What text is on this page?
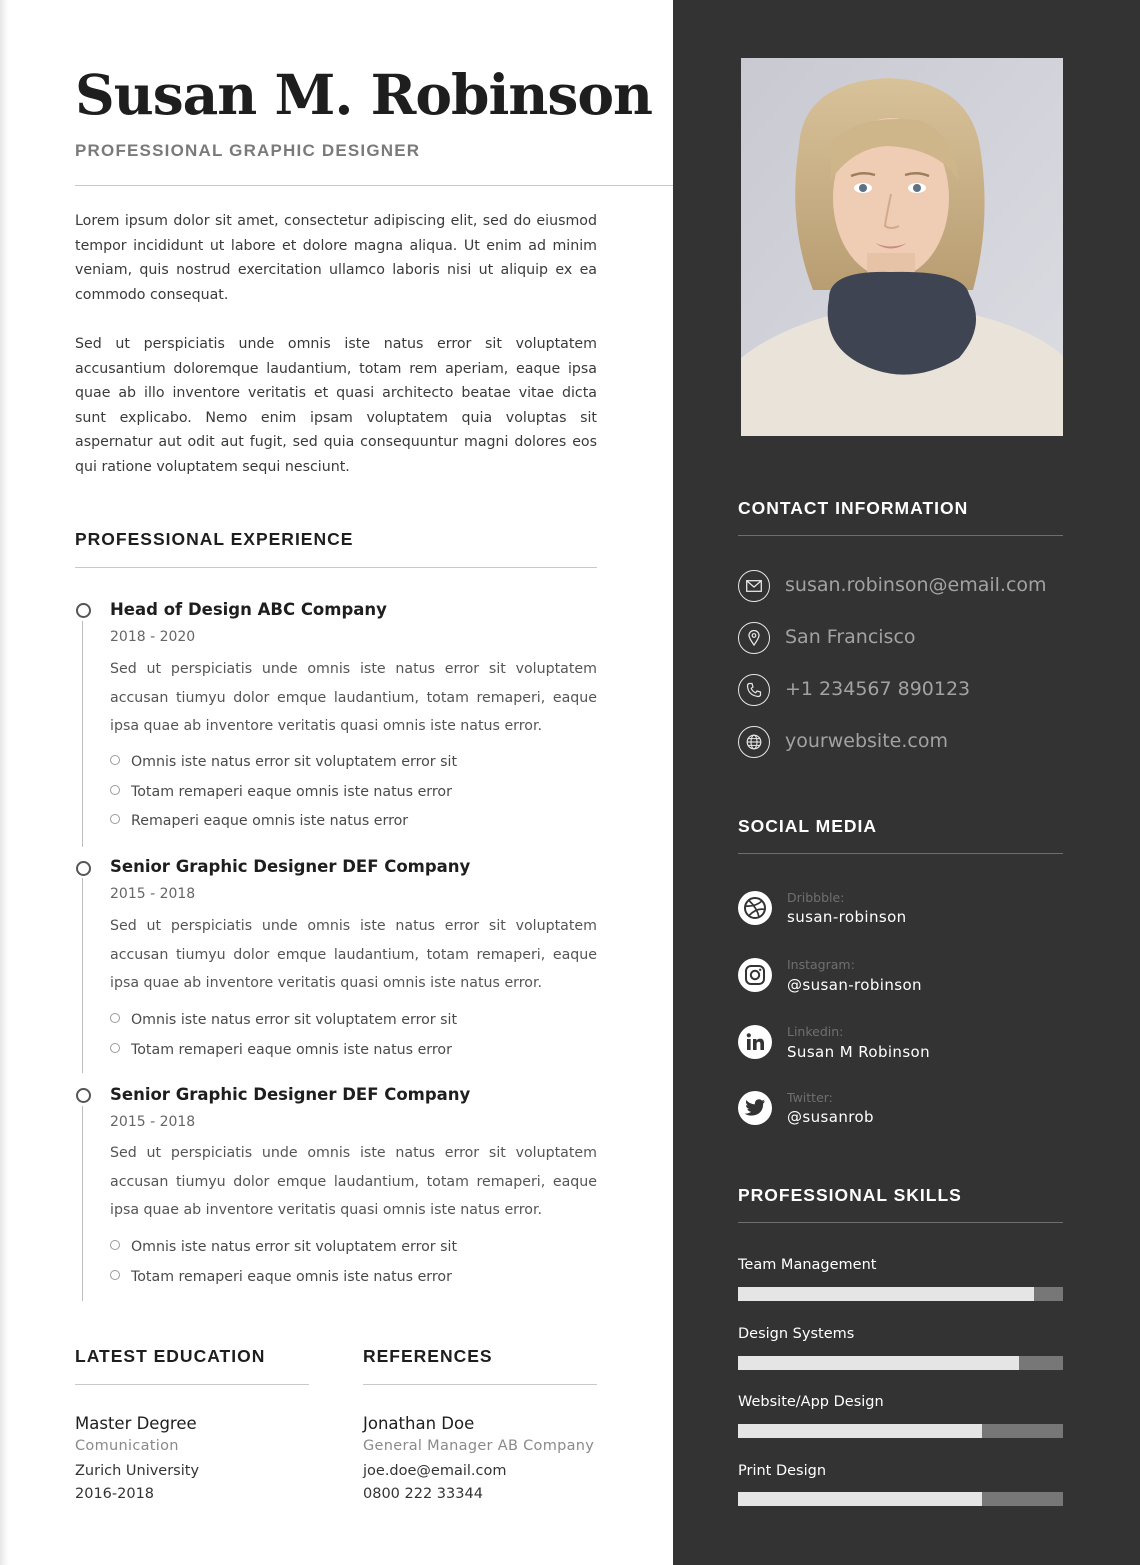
Susan M. Robinson
PROFESSIONAL GRAPHIC DESIGNER

Lorem ipsum dolor sit amet, consectetur adipiscing elit, sed do eiusmod tempor incididunt ut labore et dolore magna aliqua. Ut enim ad minim veniam, quis nostrud exercitation ullamco laboris nisi ut aliquip ex ea commodo consequat.

Sed ut perspiciatis unde omnis iste natus error sit voluptatem accusantium doloremque laudantium, totam rem aperiam, eaque ipsa quae ab illo inventore veritatis et quasi architecto beatae vitae dicta sunt explicabo. Nemo enim ipsam voluptatem quia voluptas sit aspernatur aut odit aut fugit, sed quia consequuntur magni dolores eos qui ratione voluptatem sequi nesciunt.

PROFESSIONAL EXPERIENCE
Head of Design ABC Company
2018 - 2020

Sed ut perspiciatis unde omnis iste natus error sit voluptatem accusan tiumyu dolor emque laudantium, totam remaperi, eaque ipsa quae ab inventore veritatis quasi omnis iste natus error.

Omnis iste natus error sit voluptatem error sit
Totam remaperi eaque omnis iste natus error
Remaperi eaque omnis iste natus error
Senior Graphic Designer DEF Company
2015 - 2018

Sed ut perspiciatis unde omnis iste natus error sit voluptatem accusan tiumyu dolor emque laudantium, totam remaperi, eaque ipsa quae ab inventore veritatis quasi omnis iste natus error.

Omnis iste natus error sit voluptatem error sit
Totam remaperi eaque omnis iste natus error
Senior Graphic Designer DEF Company
2015 - 2018

Sed ut perspiciatis unde omnis iste natus error sit voluptatem accusan tiumyu dolor emque laudantium, totam remaperi, eaque ipsa quae ab inventore veritatis quasi omnis iste natus error.

Omnis iste natus error sit voluptatem error sit
Totam remaperi eaque omnis iste natus error
LATEST EDUCATION
Master Degree
Comunication
Zurich University
2016-2018
REFERENCES
Jonathan Doe
General Manager AB Company
joe.doe@email.com
0800 222 33344
CONTACT INFORMATION
susan.robinson@email.com
San Francisco
+1 234567 890123
yourwebsite.com
SOCIAL MEDIA
Dribbble:
susan-robinson
Instagram:
@susan-robinson
Linkedin:
Susan M Robinson
Twitter:
@susanrob
PROFESSIONAL SKILLS
Team Management
Design Systems
Website/App Design
Print Design
